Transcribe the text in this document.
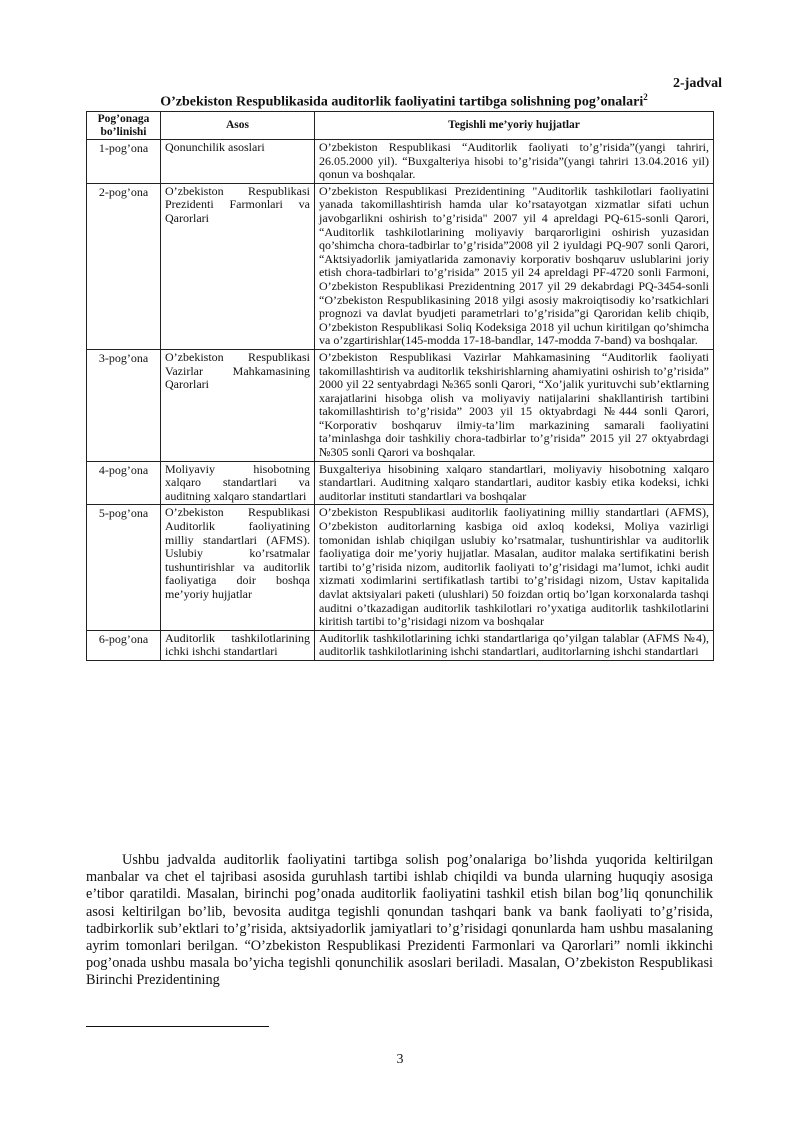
2-jadval
O’zbekiston Respublikasida auditorlik faoliyatini tartibga solishning pog’onalari$^2$
Pog’onaga bo’linishi	Asos	Tegishli me’yoriy hujjatlar
1-pog’ona	Qonunchilik asoslari	O’zbekiston Respublikasi “Auditorlik faoliyati to’g’risida”(yangi tahriri, 26.05.2000 yil). “Buxgalteriya hisobi to’g’risida”(yangi tahriri 13.04.2016 yil) qonun va boshqalar.
2-pog’ona	O’zbekiston Respublikasi Prezidenti Farmonlari va Qarorlari	O’zbekiston Respublikasi Prezidentining "Auditorlik tashkilotlari faoliyatini yanada takomillashtirish hamda ular ko’rsatayotgan xizmatlar sifati uchun javobgarlikni oshirish to’g’risida" 2007 yil 4 apreldagi PQ-615-sonli Qarori, “Auditorlik tashkilotlarining moliyaviy barqarorligini oshirish yuzasidan qo’shimcha chora-tadbirlar to’g’risida”2008 yil 2 iyuldagi PQ-907 sonli Qarori, “Aktsiyadorlik jamiyatlarida zamonaviy korporativ boshqaruv uslublarini joriy etish chora-tadbirlari to’g’risida” 2015 yil 24 apreldagi PF-4720 sonli Farmoni, O’zbekiston Respublikasi Prezidentning 2017 yil 29 dekabrdagi PQ-3454-sonli “O’zbekiston Respublikasining 2018 yilgi asosiy makroiqtisodiy ko’rsatkichlari prognozi va davlat byudjeti parametrlari to’g’risida”gi Qaroridan kelib chiqib, O’zbekiston Respublikasi Soliq Kodeksiga 2018 yil uchun kiritilgan qo’shimcha va o’zgartirishlar(145-modda 17-18-bandlar, 147-modda 7-band) va boshqalar.
3-pog’ona	O’zbekiston Respublikasi Vazirlar Mahkamasining Qarorlari	O’zbekiston Respublikasi Vazirlar Mahkamasining “Auditorlik faoliyati takomillashtirish va auditorlik tekshirishlarning ahamiyatini oshirish to’g’risida” 2000 yil 22 sentyabrdagi №365 sonli Qarori, “Xo’jalik yurituvchi sub’ektlarning xarajatlarini hisobga olish va moliyaviy natijalarini shakllantirish tartibini takomillashtirish to’g’risida” 2003 yil 15 oktyabrdagi №444 sonli Qarori, “Korporativ boshqaruv ilmiy-ta’lim markazining samarali faoliyatini ta’minlashga doir tashkiliy chora-tadbirlar to’g’risida” 2015 yil 27 oktyabrdagi №305 sonli Qarori va boshqalar.
4-pog’ona	Moliyaviy hisobotning xalqaro standartlari va auditning xalqaro standartlari	Buxgalteriya hisobining xalqaro standartlari, moliyaviy hisobotning xalqaro standartlari. Auditning xalqaro standartlari, auditor kasbiy etika kodeksi, ichki auditorlar instituti standartlari va boshqalar
5-pog’ona	O’zbekiston Respublikasi Auditorlik faoliyatining milliy standartlari (AFMS). Uslubiy ko’rsatmalar tushuntirishlar va auditorlik faoliyatiga doir boshqa me’yoriy hujjatlar	O’zbekiston Respublikasi auditorlik faoliyatining milliy standartlari (AFMS), O’zbekiston auditorlarning kasbiga oid axloq kodeksi, Moliya vazirligi tomonidan ishlab chiqilgan uslubiy ko’rsatmalar, tushuntirishlar va auditorlik faoliyatiga doir me’yoriy hujjatlar. Masalan, auditor malaka sertifikatini berish tartibi to’g’risida nizom, auditorlik faoliyati to’g’risidagi ma’lumot, ichki audit xizmati xodimlarini sertifikatlash tartibi to’g’risidagi nizom, Ustav kapitalida davlat aktsiyalari paketi (ulushlari) 50 foizdan ortiq bo’lgan korxonalarda tashqi auditni o’tkazadigan auditorlik tashkilotlari ro’yxatiga auditorlik tashkilotlarini kiritish tartibi to’g’risidagi nizom va boshqalar
6-pog’ona	Auditorlik tashkilotlarining ichki ishchi standartlari	Auditorlik tashkilotlarining ichki standartlariga qo’yilgan talablar (AFMS №4), auditorlik tashkilotlarining ishchi standartlari, auditorlarning ishchi standartlari

Ushbu jadvalda auditorlik faoliyatini tartibga solish pog’onalariga bo’lishda yuqorida keltirilgan manbalar va chet el tajribasi asosida guruhlash tartibi ishlab chiqildi va bunda ularning huquqiy asosiga e’tibor qaratildi. Masalan, birinchi pog’onada auditorlik faoliyatini tashkil etish bilan bog’liq qonunchilik asosi keltirilgan bo’lib, bevosita auditga tegishli qonundan tashqari bank va bank faoliyati to’g’risida, tadbirkorlik sub’ektlari to’g’risida, aktsiyadorlik jamiyatlari to’g’risidagi qonunlarda ham ushbu masalaning ayrim tomonlari berilgan. “O’zbekiston Respublikasi Prezidenti Farmonlari va Qarorlari” nomli ikkinchi pog’onada ushbu masala bo’yicha tegishli qonunchilik asoslari beriladi. Masalan, O’zbekiston Respublikasi Birinchi Prezidentining

3
